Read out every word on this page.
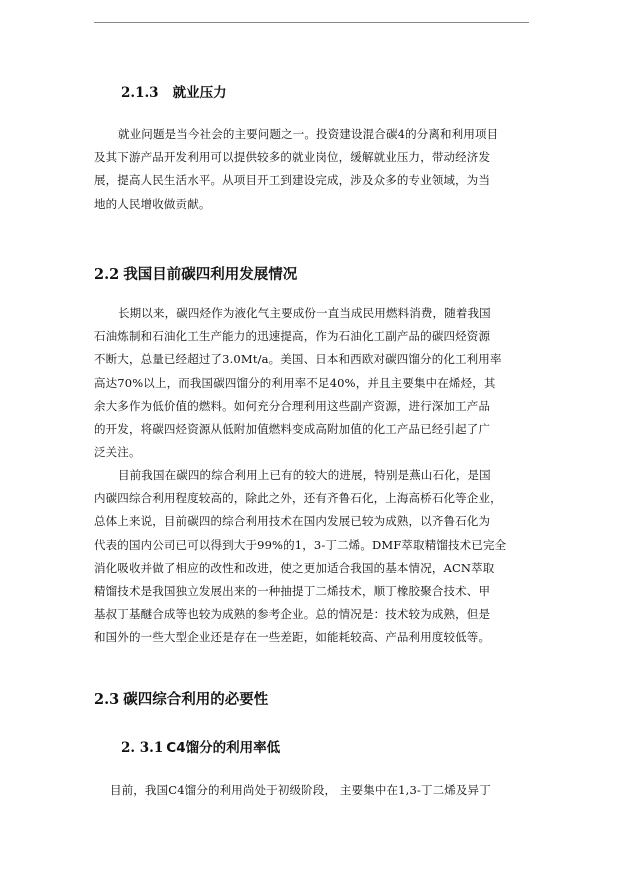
2.1.3 就业压力
就业问题是当今社会的主要问题之一。投资建设混合碳4的分离和利用项目
及其下游产品开发利用可以提供较多的就业岗位，缓解就业压力，带动经济发
展，提高人民生活水平。从项目开工到建设完成，涉及众多的专业领域，为当
地的人民增收做贡献。
2.2 我国目前碳四利用发展情况
长期以来，碳四烃作为液化气主要成份一直当成民用燃料消费，随着我国
石油炼制和石油化工生产能力的迅速提高，作为石油化工副产品的碳四烃资源
不断大，总量已经超过了3.0Mt/a。美国、日本和西欧对碳四馏分的化工利用率
高达70%以上，而我国碳四馏分的利用率不足40%，并且主要集中在烯烃，其
余大多作为低价值的燃料。如何充分合理利用这些副产资源，进行深加工产品
的开发，将碳四烃资源从低附加值燃料变成高附加值的化工产品已经引起了广
泛关注。
目前我国在碳四的综合利用上已有的较大的进展，特别是燕山石化，是国
内碳四综合利用程度较高的，除此之外，还有齐鲁石化，上海高桥石化等企业，
总体上来说，目前碳四的综合利用技术在国内发展已较为成熟，以齐鲁石化为
代表的国内公司已可以得到大于99%的1，3-丁二烯。DMF萃取精馏技术已完全
消化吸收并做了相应的改性和改进，使之更加适合我国的基本情况，ACN萃取
精馏技术是我国独立发展出来的一种抽提丁二烯技术，顺丁橡胶聚合技术、甲
基叔丁基醚合成等也较为成熟的参考企业。总的情况是：技术较为成熟，但是
和国外的一些大型企业还是存在一些差距，如能耗较高、产品利用度较低等。
2.3 碳四综合利用的必要性
2. 3.1 C4馏分的利用率低
目前，我国C4馏分的利用尚处于初级阶段， 主要集中在1,3-丁二烯及异丁
